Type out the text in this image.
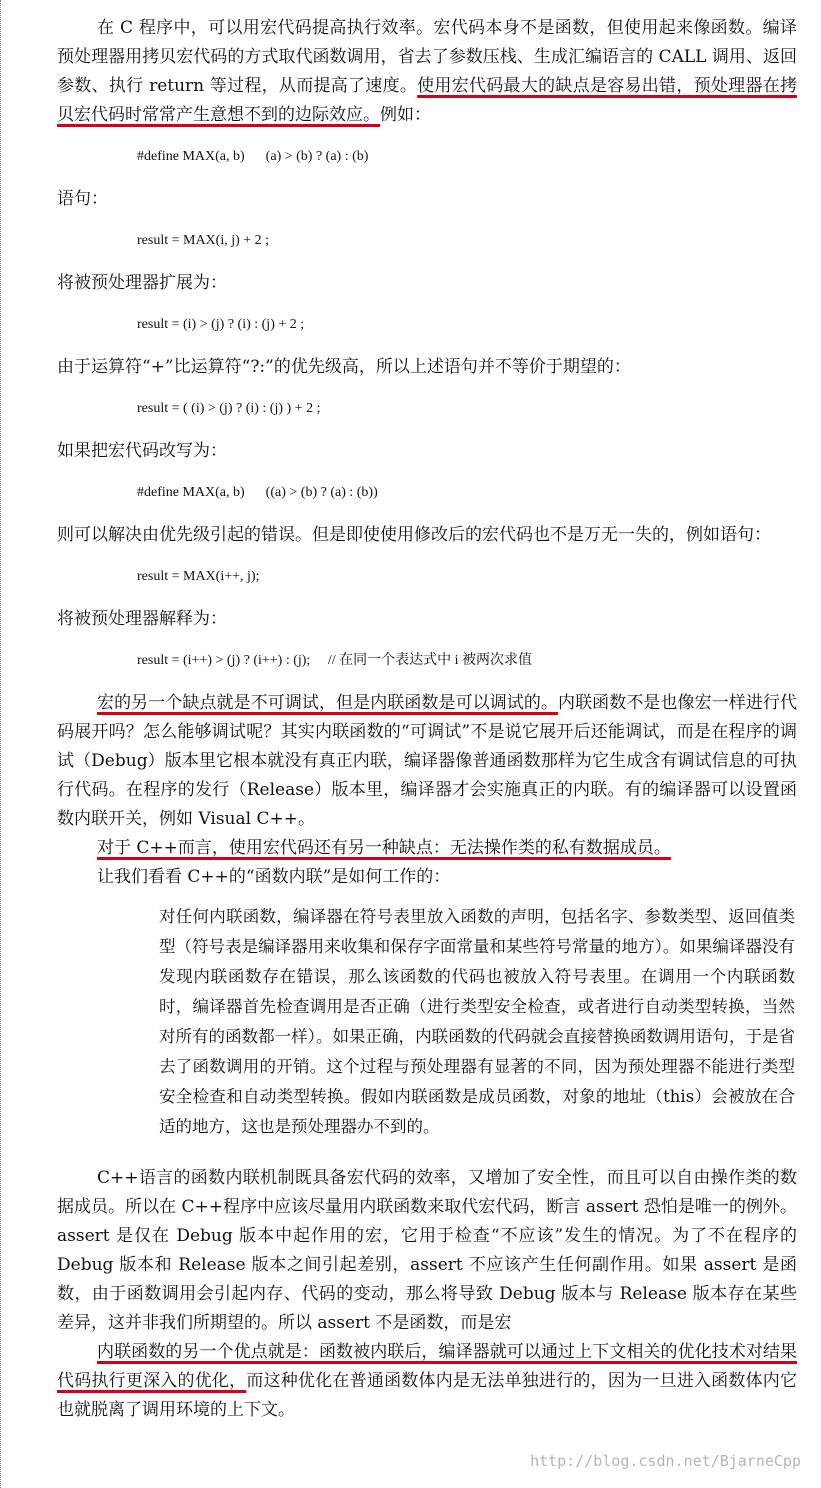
在 C 程序中，可以用宏代码提高执行效率。宏代码本身不是函数，但使用起来像函数。编译预处理器用拷贝宏代码的方式取代函数调用，省去了参数压栈、生成汇编语言的 CALL 调用、返回参数、执行 return 等过程，从而提高了速度。使用宏代码最大的缺点是容易出错，预处理器在拷贝宏代码时常常产生意想不到的边际效应。例如：

#define MAX(a, b)      (a) > (b) ? (a) : (b)

语句：

result = MAX(i, j) + 2 ;

将被预处理器扩展为：

result = (i) > (j) ? (i) : (j) + 2 ;

由于运算符“+”比运算符“?:”的优先级高，所以上述语句并不等价于期望的：

result = ( (i) > (j) ? (i) : (j) ) + 2 ;

如果把宏代码改写为：

#define MAX(a, b)      ((a) > (b) ? (a) : (b))

则可以解决由优先级引起的错误。但是即使使用修改后的宏代码也不是万无一失的，例如语句：

result = MAX(i++, j);

将被预处理器解释为：

result = (i++) > (j) ? (i++) : (j);     // 在同一个表达式中 i 被两次求值

宏的另一个缺点就是不可调试，但是内联函数是可以调试的。内联函数不是也像宏一样进行代码展开吗？怎么能够调试呢？其实内联函数的“可调试”不是说它展开后还能调试，而是在程序的调试（Debug）版本里它根本就没有真正内联，编译器像普通函数那样为它生成含有调试信息的可执行代码。在程序的发行（Release）版本里，编译器才会实施真正的内联。有的编译器可以设置函数内联开关，例如 Visual C++。

对于 C++而言，使用宏代码还有另一种缺点：无法操作类的私有数据成员。

让我们看看 C++的“函数内联”是如何工作的：

对任何内联函数，编译器在符号表里放入函数的声明，包括名字、参数类型、返回值类型（符号表是编译器用来收集和保存字面常量和某些符号常量的地方）。如果编译器没有发现内联函数存在错误，那么该函数的代码也被放入符号表里。在调用一个内联函数时，编译器首先检查调用是否正确（进行类型安全检查，或者进行自动类型转换，当然对所有的函数都一样）。如果正确，内联函数的代码就会直接替换函数调用语句，于是省去了函数调用的开销。这个过程与预处理器有显著的不同，因为预处理器不能进行类型安全检查和自动类型转换。假如内联函数是成员函数，对象的地址（this）会被放在合适的地方，这也是预处理器办不到的。

C++语言的函数内联机制既具备宏代码的效率，又增加了安全性，而且可以自由操作类的数据成员。所以在 C++程序中应该尽量用内联函数来取代宏代码，断言 assert 恐怕是唯一的例外。assert 是仅在 Debug 版本中起作用的宏，它用于检查“不应该”发生的情况。为了不在程序的 Debug 版本和 Release 版本之间引起差别，assert 不应该产生任何副作用。如果 assert 是函数，由于函数调用会引起内存、代码的变动，那么将导致 Debug 版本与 Release 版本存在某些差异，这并非我们所期望的。所以 assert 不是函数，而是宏

内联函数的另一个优点就是：函数被内联后，编译器就可以通过上下文相关的优化技术对结果代码执行更深入的优化，而这种优化在普通函数体内是无法单独进行的，因为一旦进入函数体内它也就脱离了调用环境的上下文。

http://blog.csdn.net/BjarneCpp
